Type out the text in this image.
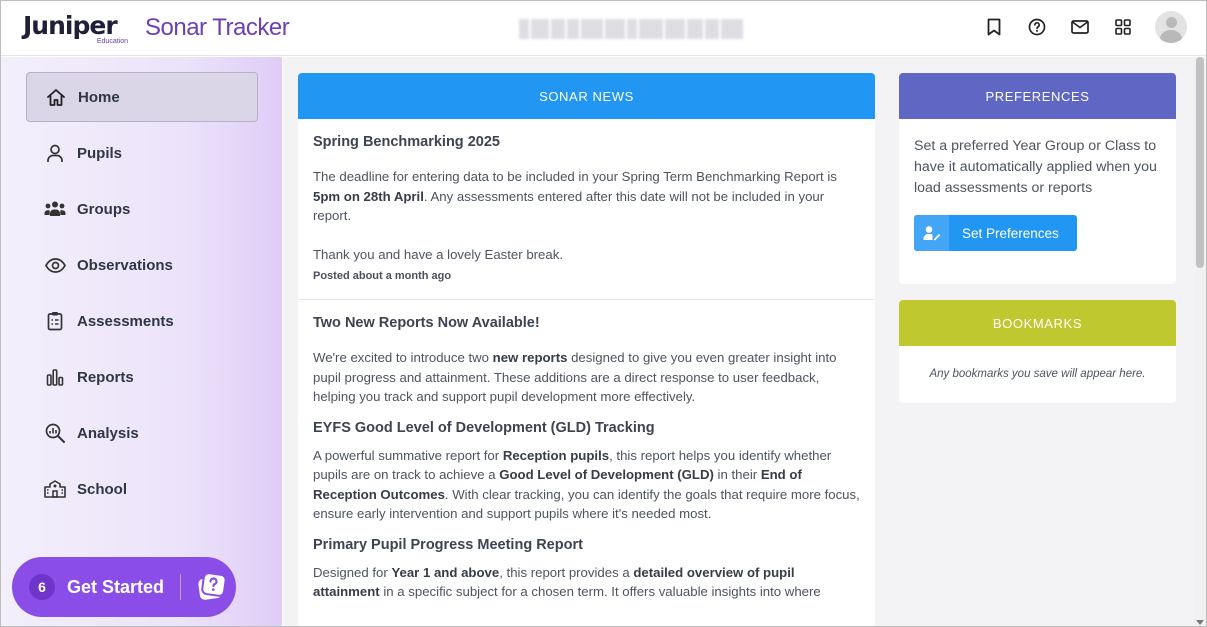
Juniper
Education
Sonar Tracker
Home
Pupils
Groups
Observations
Assessments
Reports
Analysis
School
6	Get Started
SONAR NEWS
Spring Benchmarking 2025

The deadline for entering data to be included in your Spring Term Benchmarking Report is 5pm on 28th April. Any assessments entered after this date will not be included in your report.

Thank you and have a lovely Easter break.

Posted about a month ago
Two New Reports Now Available!

We're excited to introduce two new reports designed to give you even greater insight into pupil progress and attainment. These additions are a direct response to user feedback, helping you track and support pupil development more effectively.

EYFS Good Level of Development (GLD) Tracking

A powerful summative report for Reception pupils, this report helps you identify whether pupils are on track to achieve a Good Level of Development (GLD) in their End of Reception Outcomes. With clear tracking, you can identify the goals that require more focus, ensure early intervention and support pupils where it's needed most.

Primary Pupil Progress Meeting Report

Designed for Year 1 and above, this report provides a detailed overview of pupil attainment in a specific subject for a chosen term. It offers valuable insights into where

PREFERENCES
Set a preferred Year Group or Class to have it automatically applied when you load assessments or reports
Set Preferences
BOOKMARKS
Any bookmarks you save will appear here.
